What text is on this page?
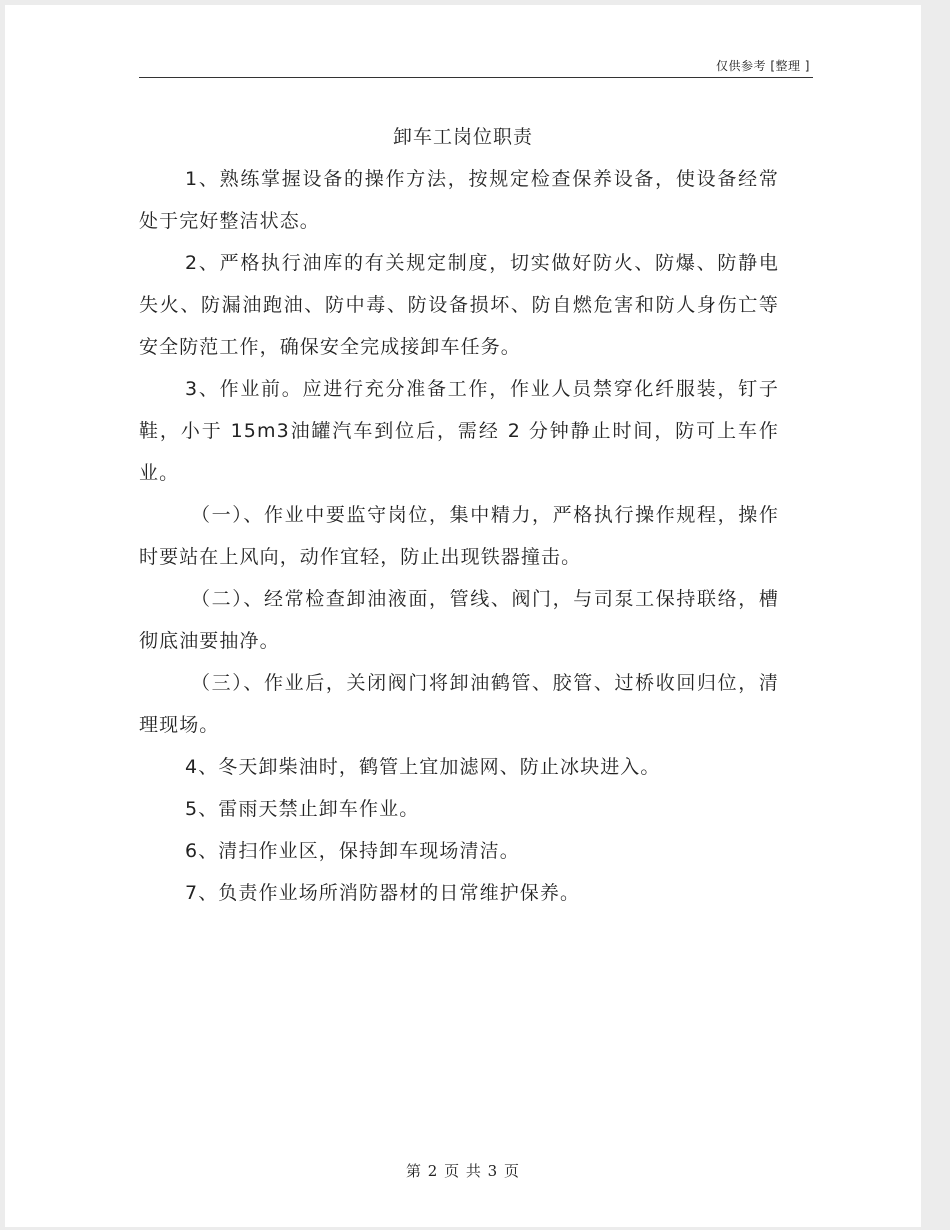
仅供参考 [整理 ]
卸车工岗位职责

1、熟练掌握设备的操作方法，按规定检查保养设备，使设备经常处于完好整洁状态。

2、严格执行油库的有关规定制度，切实做好防火、防爆、防静电失火、防漏油跑油、防中毒、防设备损坏、防自燃危害和防人身伤亡等安全防范工作，确保安全完成接卸车任务。

3、作业前。应进行充分准备工作，作业人员禁穿化纤服装，钉子鞋，小于 15m3油罐汽车到位后，需经 2 分钟静止时间，防可上车作业。

（一）、作业中要监守岗位，集中精力，严格执行操作规程，操作时要站在上风向，动作宜轻，防止出现铁器撞击。

（二）、经常检查卸油液面，管线、阀门，与司泵工保持联络，槽彻底油要抽净。

（三）、作业后，关闭阀门将卸油鹤管、胶管、过桥收回归位，清理现场。

4、冬天卸柴油时，鹤管上宜加滤网、防止冰块进入。

5、雷雨天禁止卸车作业。

6、清扫作业区，保持卸车现场清洁。

7、负责作业场所消防器材的日常维护保养。

第 2 页 共 3 页
